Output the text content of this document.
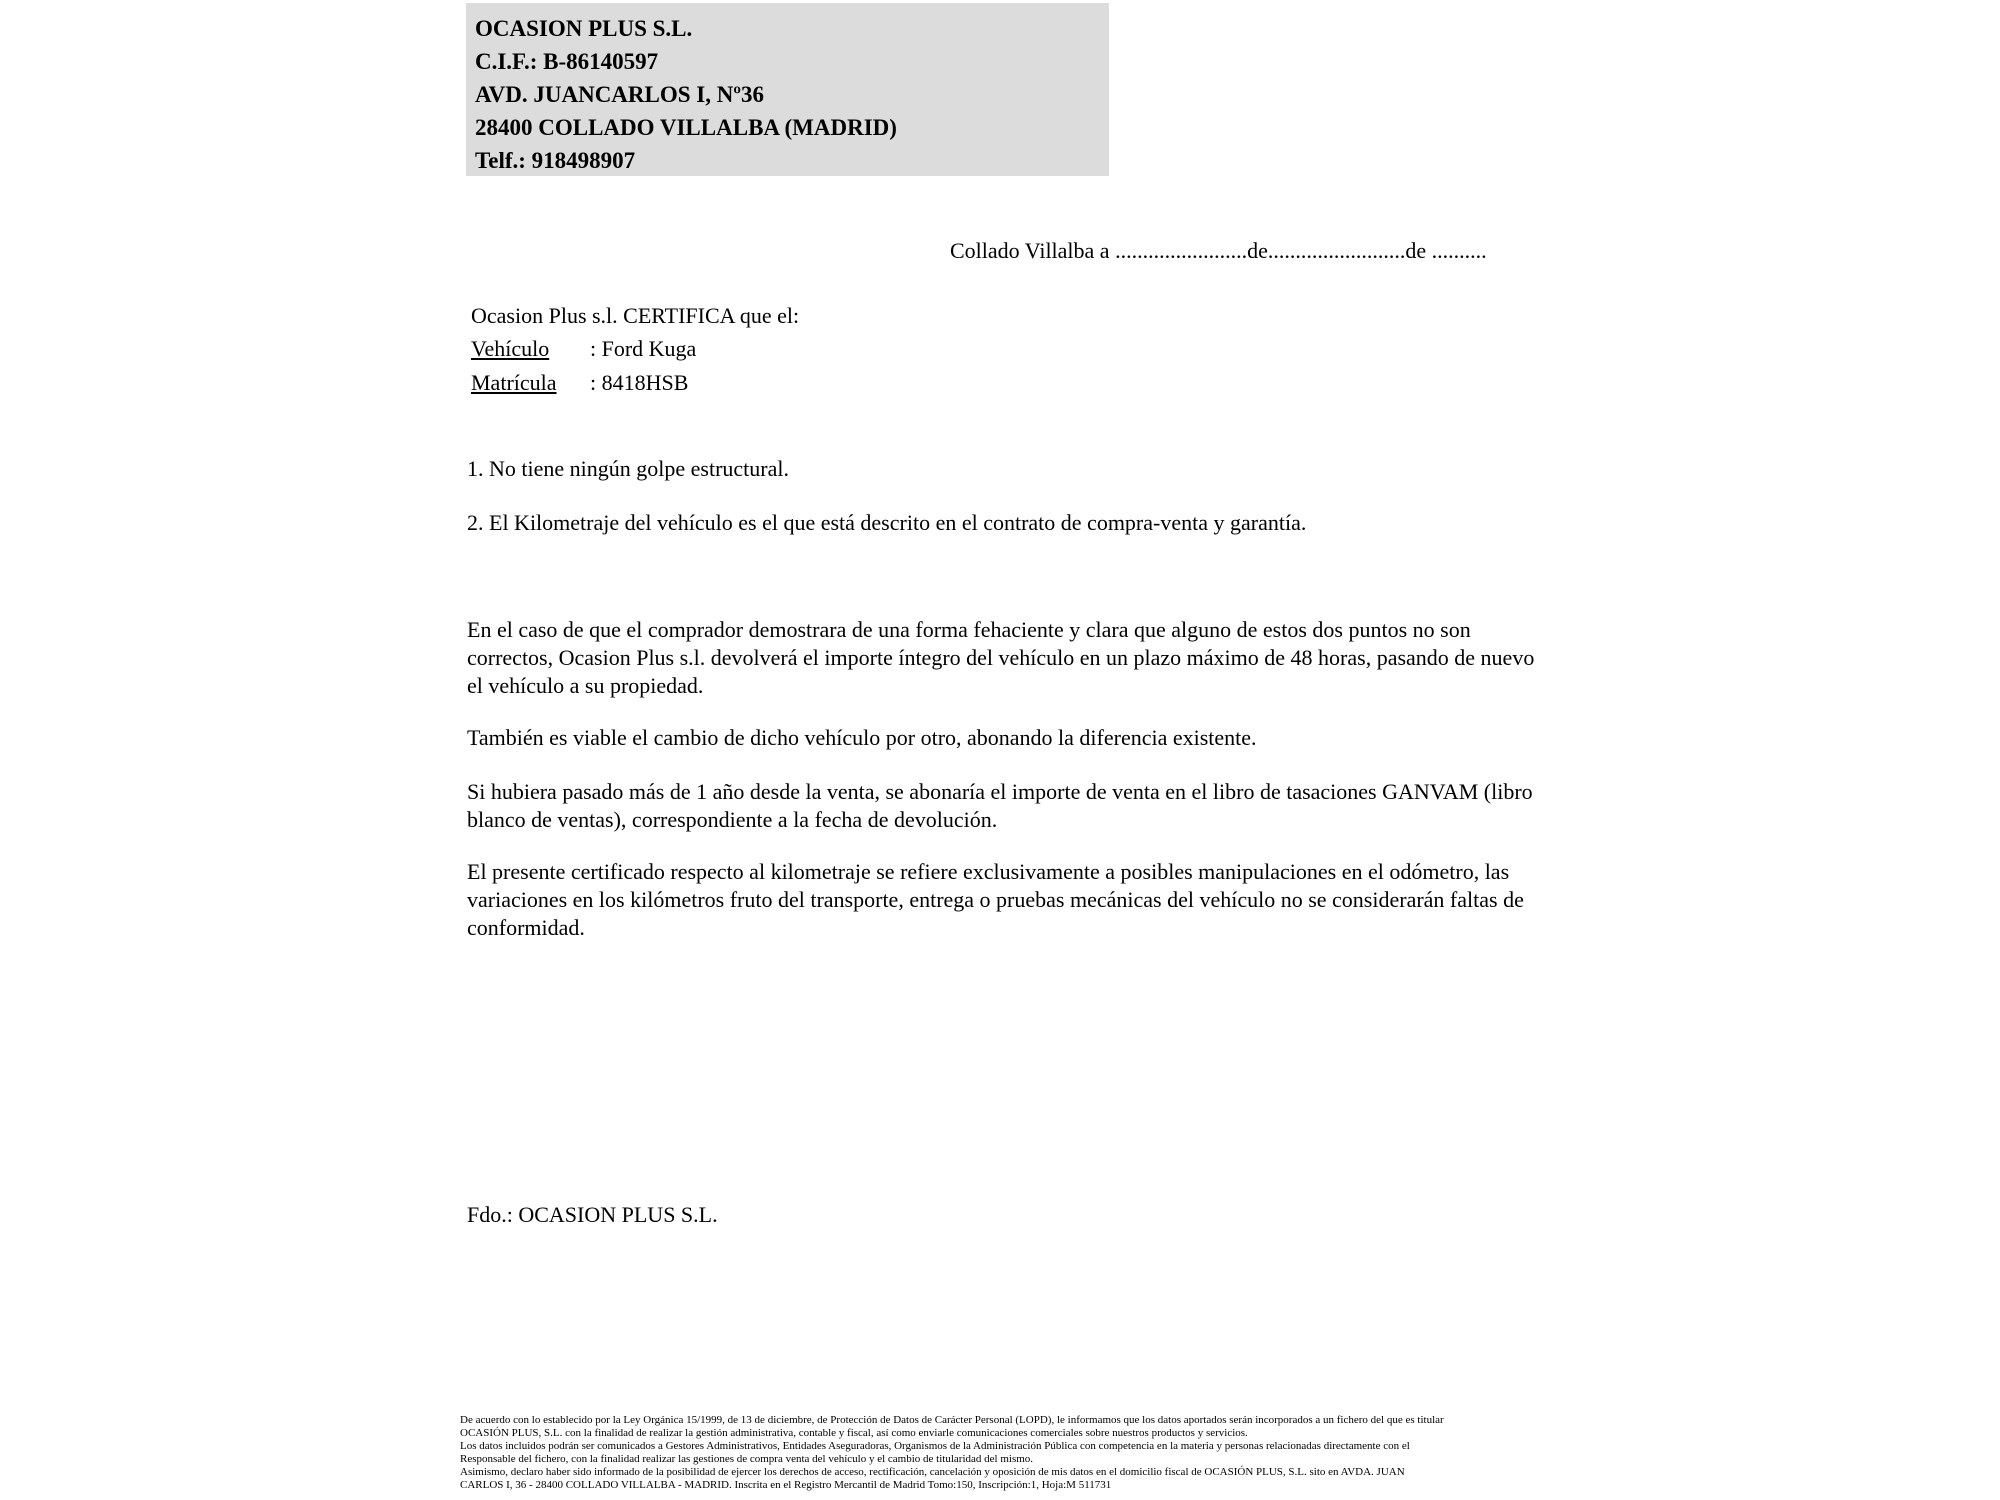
OCASION PLUS S.L.
C.I.F.: B-86140597
AVD. JUANCARLOS I, Nº36
28400 COLLADO VILLALBA (MADRID)
Telf.: 918498907
Collado Villalba a ........................de.........................de ..........
Ocasion Plus s.l. CERTIFICA que el:
Vehículo : Ford Kuga
Matrícula : 8418HSB
1. No tiene ningún golpe estructural.
2. El Kilometraje del vehículo es el que está descrito en el contrato de compra-venta y garantía.
En el caso de que el comprador demostrara de una forma fehaciente y clara que alguno de estos dos puntos no son correctos, Ocasion Plus s.l. devolverá el importe íntegro del vehículo en un plazo máximo de 48 horas, pasando de nuevo el vehículo a su propiedad.
También es viable el cambio de dicho vehículo por otro, abonando la diferencia existente.
Si hubiera pasado más de 1 año desde la venta, se abonaría el importe de venta en el libro de tasaciones GANVAM (libro blanco de ventas), correspondiente a la fecha de devolución.
El presente certificado respecto al kilometraje se refiere exclusivamente a posibles manipulaciones en el odómetro, las variaciones en los kilómetros fruto del transporte, entrega o pruebas mecánicas del vehículo no se considerarán faltas de conformidad.
Fdo.: OCASION PLUS S.L.
De acuerdo con lo establecido por la Ley Orgánica 15/1999, de 13 de diciembre, de Protección de Datos de Carácter Personal (LOPD), le informamos que los datos aportados serán incorporados a un fichero del que es titular
OCASIÓN PLUS, S.L. con la finalidad de realizar la gestión administrativa, contable y fiscal, así como enviarle comunicaciones comerciales sobre nuestros productos y servicios.
Los datos incluidos podrán ser comunicados a Gestores Administrativos, Entidades Aseguradoras, Organismos de la Administración Pública con competencia en la materia y personas relacionadas directamente con el
Responsable del fichero, con la finalidad realizar las gestiones de compra venta del vehículo y el cambio de titularidad del mismo.
Asimismo, declaro haber sido informado de la posibilidad de ejercer los derechos de acceso, rectificación, cancelación y oposición de mis datos en el domicilio fiscal de OCASIÓN PLUS, S.L. sito en AVDA. JUAN
CARLOS I, 36 - 28400 COLLADO VILLALBA - MADRID. Inscrita en el Registro Mercantil de Madrid Tomo:150, Inscripción:1, Hoja:M 511731
